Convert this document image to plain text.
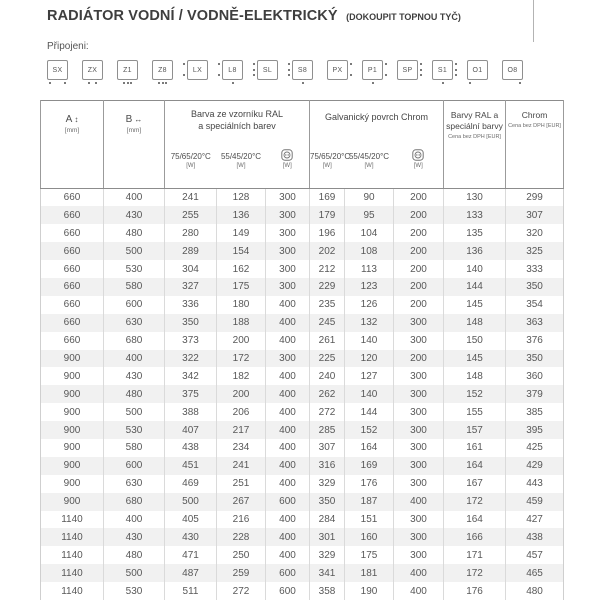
RADIÁTOR VODNÍ / VODNĚ-ELEKTRICKÝ (DOKOUPIT TOPNOU TYČ)
Připojeni:
SX	ZX	Z1	Z8	LX	L8	SL	S8	PX	P1	SP	S1	O1	O8
A ↕
[mm]

B ↔
[mm]

Barva ze vzorníku RAL
a speciálních barev

Galvanický povrch Chrom	Barvy RAL a
speciální barvy
Cena bez DPH [EUR]

Chrom
Cena bez DPH [EUR]

75/65/20°C
[W]

55/45/20°C
[W]	[W]

75/65/20°C
[W]

55/45/20°C
[W]	[W]

660	400	241	128	300	169	90	200	130	299
660	430	255	136	300	179	95	200	133	307
660	480	280	149	300	196	104	200	135	320
660	500	289	154	300	202	108	200	136	325
660	530	304	162	300	212	113	200	140	333
660	580	327	175	300	229	123	200	144	350
660	600	336	180	400	235	126	200	145	354
660	630	350	188	400	245	132	300	148	363
660	680	373	200	400	261	140	300	150	376
900	400	322	172	300	225	120	200	145	350
900	430	342	182	400	240	127	300	148	360
900	480	375	200	400	262	140	300	152	379
900	500	388	206	400	272	144	300	155	385
900	530	407	217	400	285	152	300	157	395
900	580	438	234	400	307	164	300	161	425
900	600	451	241	400	316	169	300	164	429
900	630	469	251	400	329	176	300	167	443
900	680	500	267	600	350	187	400	172	459
1140	400	405	216	400	284	151	300	164	427
1140	430	430	228	400	301	160	300	166	438
1140	480	471	250	400	329	175	300	171	457
1140	500	487	259	600	341	181	400	172	465
1140	530	511	272	600	358	190	400	176	480
